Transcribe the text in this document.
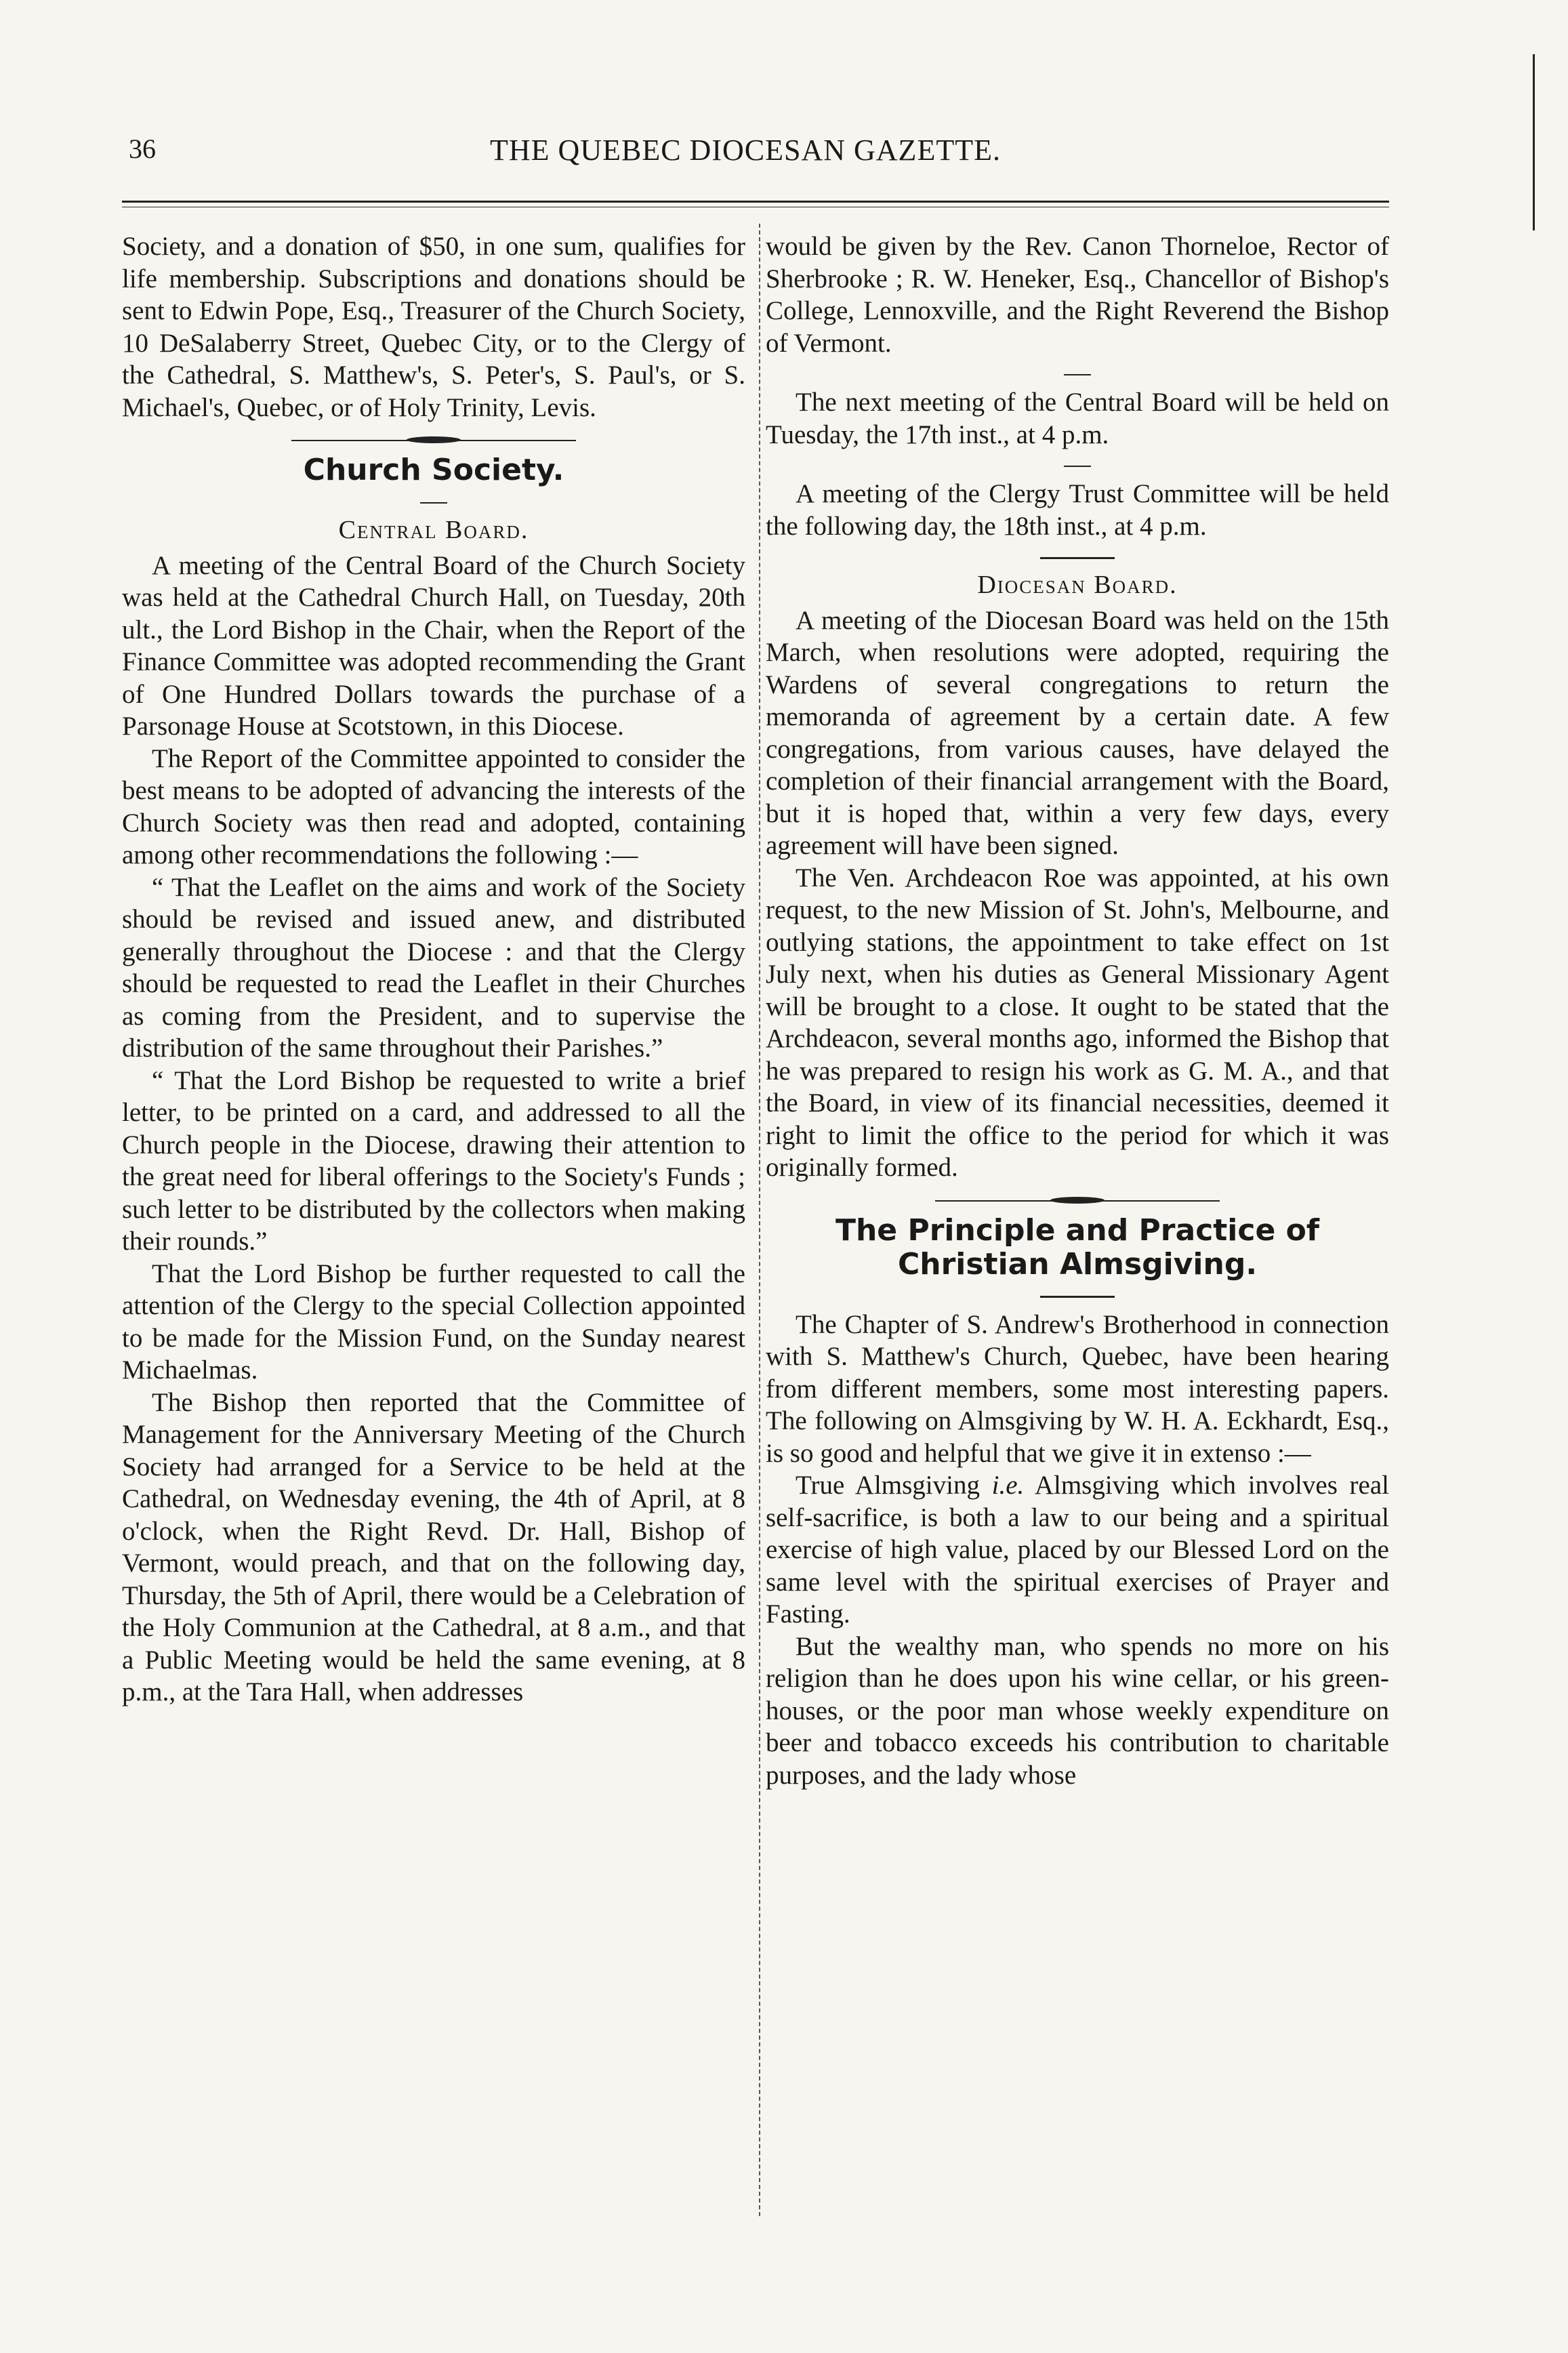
36	THE QUEBEC DIOCESAN GAZETTE.

Society, and a donation of $50, in one sum, qualifies for life membership. Subscriptions and donations should be sent to Edwin Pope, Esq., Treasurer of the Church Society, 10 DeSalaberry Street, Quebec City, or to the Clergy of the Cathedral, S. Matthew's, S. Peter's, S. Paul's, or S. Michael's, Quebec, or of Holy Trinity, Levis.

Church Society.
Central Board.

A meeting of the Central Board of the Church Society was held at the Cathedral Church Hall, on Tuesday, 20th ult., the Lord Bishop in the Chair, when the Report of the Finance Committee was adopted recommending the Grant of One Hundred Dollars towards the purchase of a Parsonage House at Scotstown, in this Diocese.

The Report of the Committee appointed to consider the best means to be adopted of advancing the interests of the Church Society was then read and adopted, containing among other recommendations the following :—

“ That the Leaflet on the aims and work of the Society should be revised and issued anew, and distributed generally throughout the Diocese : and that the Clergy should be requested to read the Leaflet in their Churches as coming from the President, and to supervise the distribution of the same throughout their Parishes.”

“ That the Lord Bishop be requested to write a brief letter, to be printed on a card, and addressed to all the Church people in the Diocese, drawing their attention to the great need for liberal offerings to the Society's Funds ; such letter to be distributed by the collectors when making their rounds.”

That the Lord Bishop be further requested to call the attention of the Clergy to the special Collection appointed to be made for the Mission Fund, on the Sunday nearest Michaelmas.

The Bishop then reported that the Committee of Management for the Anniversary Meeting of the Church Society had arranged for a Service to be held at the Cathedral, on Wednesday evening, the 4th of April, at 8 o'clock, when the Right Revd. Dr. Hall, Bishop of Vermont, would preach, and that on the following day, Thursday, the 5th of April, there would be a Celebration of the Holy Communion at the Cathedral, at 8 a.m., and that a Public Meeting would be held the same evening, at 8 p.m., at the Tara Hall, when addresses

would be given by the Rev. Canon Thorneloe, Rector of Sherbrooke ; R. W. Heneker, Esq., Chancellor of Bishop's College, Lennoxville, and the Right Reverend the Bishop of Vermont.

The next meeting of the Central Board will be held on Tuesday, the 17th inst., at 4 p.m.

A meeting of the Clergy Trust Committee will be held the following day, the 18th inst., at 4 p.m.

Diocesan Board.

A meeting of the Diocesan Board was held on the 15th March, when resolutions were adopted, requiring the Wardens of several congregations to return the memoranda of agreement by a certain date. A few congregations, from various causes, have delayed the completion of their financial arrangement with the Board, but it is hoped that, within a very few days, every agreement will have been signed.

The Ven. Archdeacon Roe was appointed, at his own request, to the new Mission of St. John's, Melbourne, and outlying stations, the appointment to take effect on 1st July next, when his duties as General Missionary Agent will be brought to a close. It ought to be stated that the Archdeacon, several months ago, informed the Bishop that he was prepared to resign his work as G. M. A., and that the Board, in view of its financial necessities, deemed it right to limit the office to the period for which it was originally formed.

The Principle and Practice of Christian Almsgiving.

The Chapter of S. Andrew's Brotherhood in connection with S. Matthew's Church, Quebec, have been hearing from different members, some most interesting papers. The following on Almsgiving by W. H. A. Eckhardt, Esq., is so good and helpful that we give it in extenso :—

True Almsgiving i.e. Almsgiving which involves real self-sacrifice, is both a law to our being and a spiritual exercise of high value, placed by our Blessed Lord on the same level with the spiritual exercises of Prayer and Fasting.

But the wealthy man, who spends no more on his religion than he does upon his wine cellar, or his green-houses, or the poor man whose weekly expenditure on beer and tobacco exceeds his contribution to charitable purposes, and the lady whose
